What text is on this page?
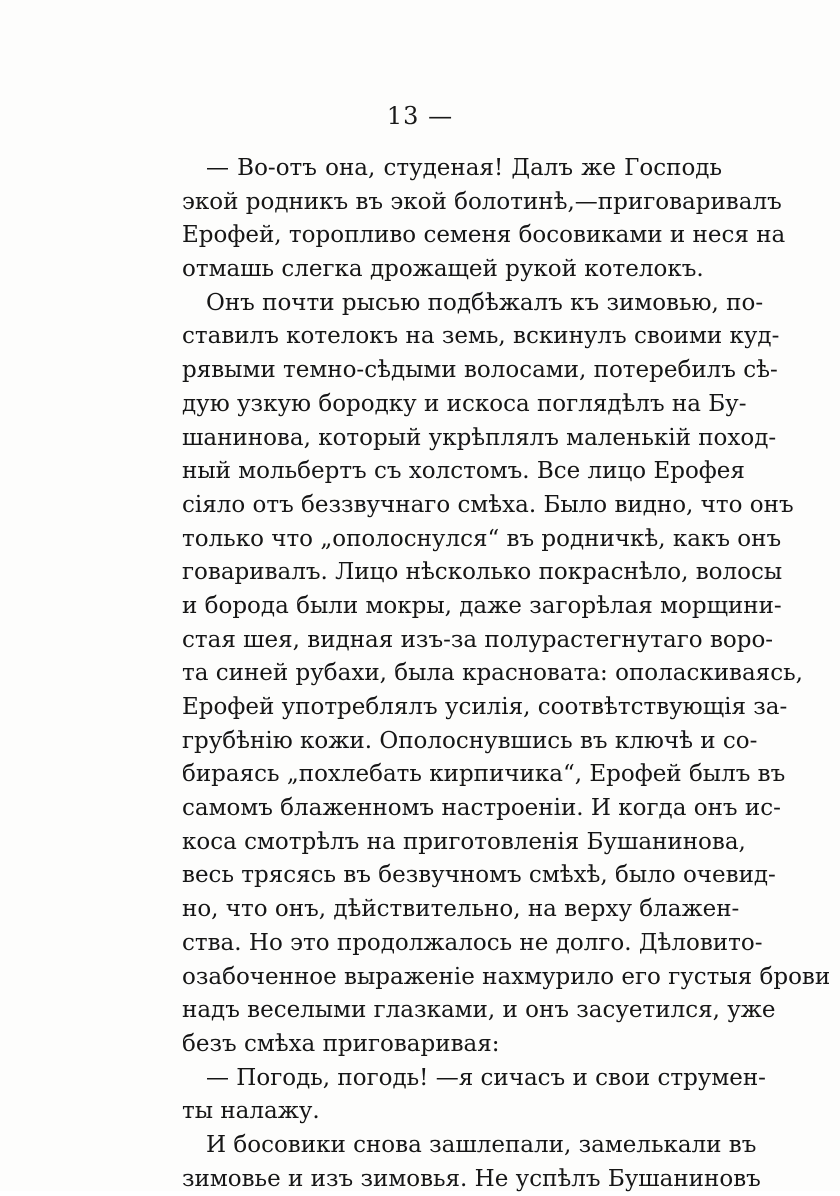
13 —
— Во-отъ она, студеная! Далъ же Господь
экой родникъ въ экой болотинѣ,—приговаривалъ
Ерофей, торопливо семеня босовиками и неся на
отмашь слегка дрожащей рукой котелокъ.
Онъ почти рысью подбѣжалъ къ зимовью, по-
ставилъ котелокъ на земь, вскинулъ своими куд-
рявыми темно-сѣдыми волосами, потеребилъ сѣ-
дую узкую бородку и искоса поглядѣлъ на Бу-
шанинова, который укрѣплялъ маленькій поход-
ный мольбертъ съ холстомъ. Все лицо Ерофея
сіяло отъ беззвучнаго смѣха. Было видно, что онъ
только что „ополоснулся“ въ родничкѣ, какъ онъ
говаривалъ. Лицо нѣсколько покраснѣло, волосы
и борода были мокры, даже загорѣлая морщини-
стая шея, видная изъ-за полурастегнутаго воро-
та синей рубахи, была красновата: ополаскиваясь,
Ерофей употреблялъ усилія, соотвѣтствующія за-
грубѣнію кожи. Ополоснувшись въ ключѣ и со-
бираясь „похлебать кирпичика“, Ерофей былъ въ
самомъ блаженномъ настроеніи. И когда онъ ис-
коса смотрѣлъ на приготовленія Бушанинова,
весь трясясь въ безвучномъ смѣхѣ, было очевид-
но, что онъ, дѣйствительно, на верху блажен-
ства. Но это продолжалось не долго. Дѣловито-
озабоченное выраженіе нахмурило его густыя брови
надъ веселыми глазками, и онъ засуетился, уже
безъ смѣха приговаривая:
— Погодь, погодь! —я сичасъ и свои струмен-
ты налажу.
И босовики снова зашлепали, замелькали въ
зимовье и изъ зимовья. Не успѣлъ Бушаниновъ
